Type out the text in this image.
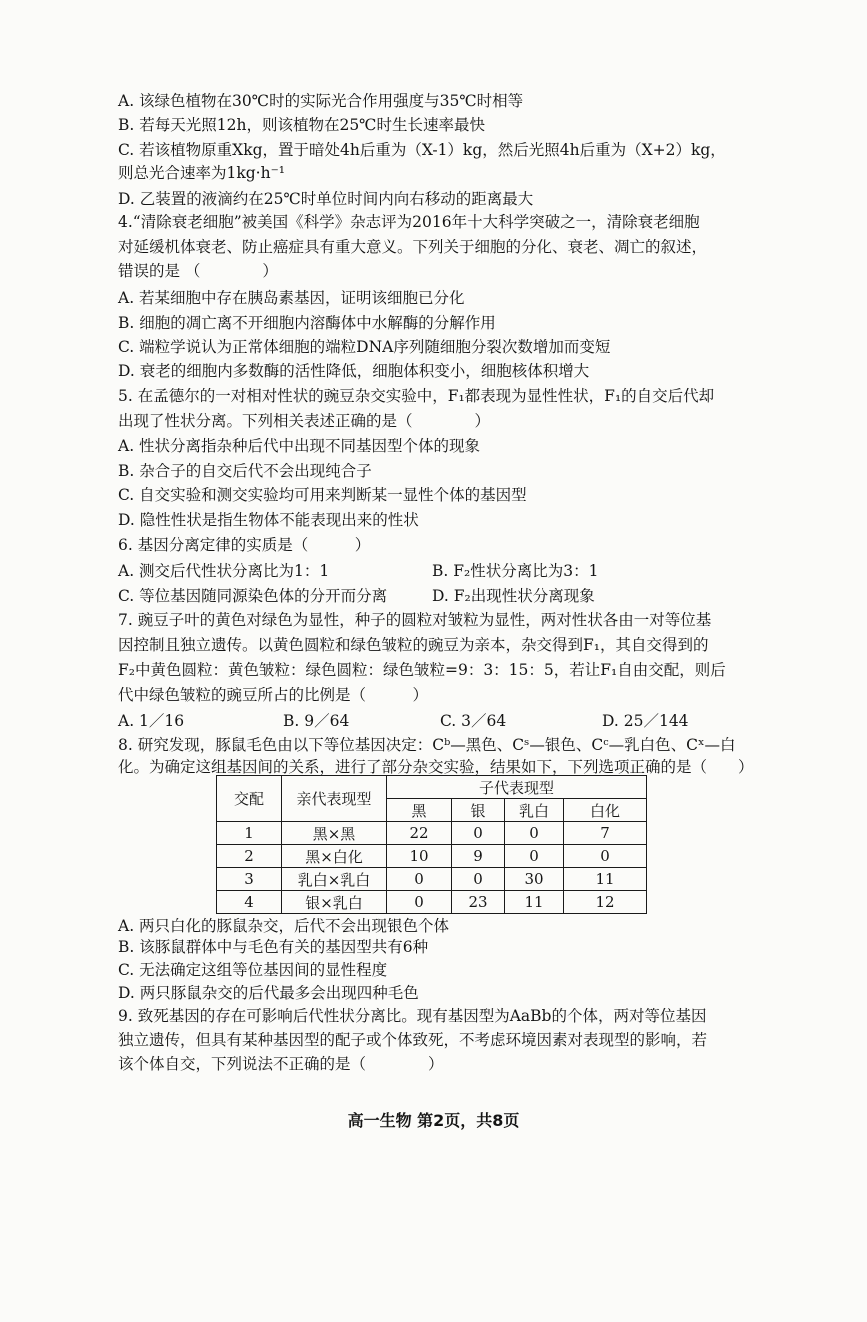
A. 该绿色植物在30℃时的实际光合作用强度与35℃时相等
B. 若每天光照12h，则该植物在25℃时生长速率最快
C. 若该植物原重Xkg，置于暗处4h后重为（X-1）kg，然后光照4h后重为（X+2）kg，
则总光合速率为1kg·h⁻¹
D. 乙装置的液滴约在25℃时单位时间内向右移动的距离最大
4.“清除衰老细胞”被美国《科学》杂志评为2016年十大科学突破之一，清除衰老细胞
对延缓机体衰老、防止癌症具有重大意义。下列关于细胞的分化、衰老、凋亡的叙述，
错误的是 （　　　　）
A. 若某细胞中存在胰岛素基因，证明该细胞已分化
B. 细胞的凋亡离不开细胞内溶酶体中水解酶的分解作用
C. 端粒学说认为正常体细胞的端粒DNA序列随细胞分裂次数增加而变短
D. 衰老的细胞内多数酶的活性降低，细胞体积变小，细胞核体积增大
5. 在孟德尔的一对相对性状的豌豆杂交实验中，F₁都表现为显性性状，F₁的自交后代却
出现了性状分离。下列相关表述正确的是（　　　　）
A. 性状分离指杂种后代中出现不同基因型个体的现象
B. 杂合子的自交后代不会出现纯合子
C. 自交实验和测交实验均可用来判断某一显性个体的基因型
D. 隐性性状是指生物体不能表现出来的性状
6. 基因分离定律的实质是（　　　）
A. 测交后代性状分离比为1：1	B. F₂性状分离比为3：1
C. 等位基因随同源染色体的分开而分离	D. F₂出现性状分离现象
7. 豌豆子叶的黄色对绿色为显性，种子的圆粒对皱粒为显性，两对性状各由一对等位基
因控制且独立遗传。以黄色圆粒和绿色皱粒的豌豆为亲本，杂交得到F₁，其自交得到的
F₂中黄色圆粒：黄色皱粒：绿色圆粒：绿色皱粒=9：3：15：5，若让F₁自由交配，则后
代中绿色皱粒的豌豆所占的比例是（　　　）
A. 1／16	B. 9／64	C. 3／64	D. 25／144
8. 研究发现，豚鼠毛色由以下等位基因决定：Cᵇ—黑色、Cˢ—银色、Cᶜ—乳白色、Cˣ—白
化。为确定这组基因间的关系，进行了部分杂交实验，结果如下，下列选项正确的是（　　）
交配	亲代表现型	子代表现型			
		黑	银	乳白	白化
1	黑×黑	22	0	0	7
2	黑×白化	10	9	0	0
3	乳白×乳白	0	0	30	11
4	银×乳白	0	23	11	12
A. 两只白化的豚鼠杂交，后代不会出现银色个体
B. 该豚鼠群体中与毛色有关的基因型共有6种
C. 无法确定这组等位基因间的显性程度
D. 两只豚鼠杂交的后代最多会出现四种毛色
9. 致死基因的存在可影响后代性状分离比。现有基因型为AaBb的个体，两对等位基因
独立遗传，但具有某种基因型的配子或个体致死，不考虑环境因素对表现型的影响，若
该个体自交，下列说法不正确的是（　　　　）
高一生物 第2页，共8页
